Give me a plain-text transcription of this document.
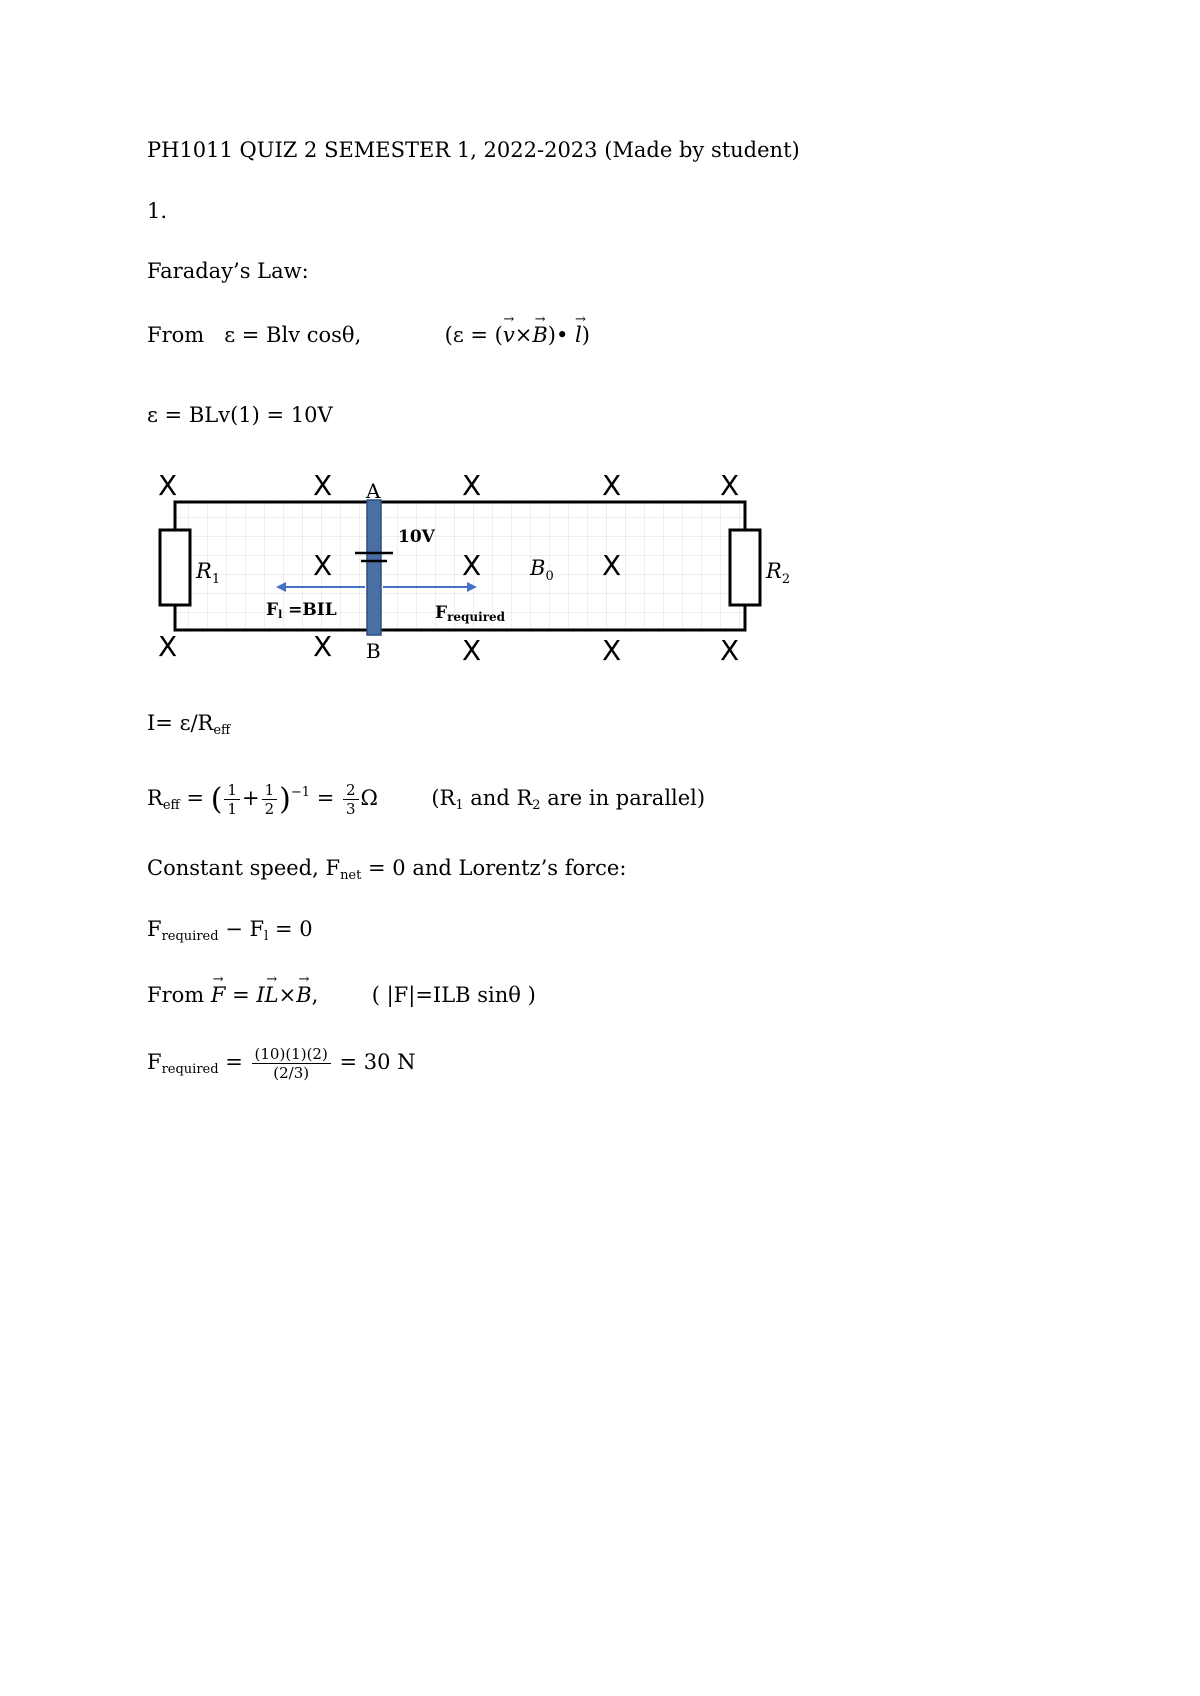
PH1011 QUIZ 2 SEMESTER 1, 2022-2023 (Made by student)
1.
Faraday’s Law:
From ε = Blv cosθ,	(ε = (→ v×→ B)• → l)
ε = BLv(1) = 10V
X	X	X	X	X
X	X	X
X	X	X	X	X
A
B
10V
$R_1$	$R_2$
$B_0$
Fl =BIL	Frequired
$I= \varepsilon/R_{eff}$
$R_{eff}$ = ( $\frac{1}{1} + \frac{1}{2} )^{-1} = \frac{2}{3}$ Ω	($R_1$ and $R_2$ are in parallel)
Constant speed, $F_{net} = 0$ and Lorentz’s force:
$F_{required} - F_l = 0$
From → F = I→ L×→ B,	( |F|=ILB sinθ )
$F_{required} = \frac{(10)(1)(2)}{(2/3)} = 30$ N
